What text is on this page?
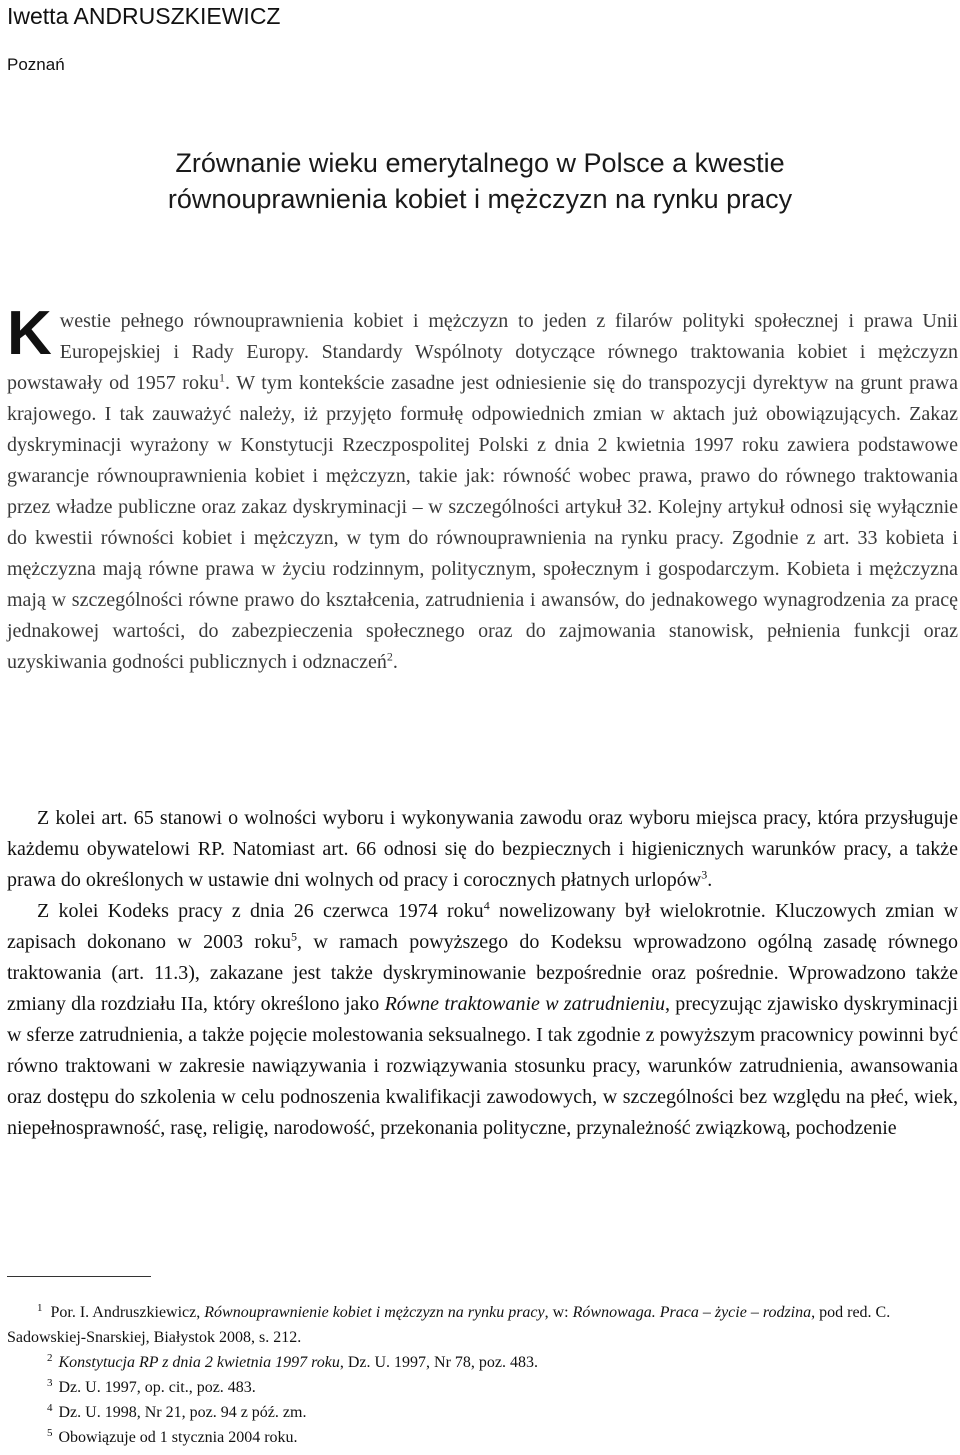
Iwetta ANDRUSZKIEWICZ
Poznań
Zrównanie wieku emerytalnego w Polsce a kwestie
równouprawnienia kobiet i mężczyzn na rynku pracy
Kwestie pełnego równouprawnienia kobiet i mężczyzn to jeden z filarów polityki społecznej i prawa Unii Europejskiej i Rady Europy. Standardy Wspólnoty dotyczące równego traktowania kobiet i mężczyzn powstawały od 1957 roku$^1$. W tym kontekście zasadne jest odniesienie się do transpozycji dyrektyw na grunt prawa krajowego. I tak zauważyć należy, iż przyjęto formułę odpowiednich zmian w aktach już obowiązujących. Zakaz dyskryminacji wyrażony w Konstytucji Rzeczpospolitej Polski z dnia 2 kwietnia 1997 roku zawiera podstawowe gwarancje równouprawnienia kobiet i mężczyzn, takie jak: równość wobec prawa, prawo do równego traktowania przez władze publiczne oraz zakaz dyskryminacji – w szczególności artykuł 32. Kolejny artykuł odnosi się wyłącznie do kwestii równości kobiet i mężczyzn, w tym do równouprawnienia na rynku pracy. Zgodnie z art. 33 kobieta i mężczyzna mają równe prawa w życiu rodzinnym, politycznym, społecznym i gospodarczym. Kobieta i mężczyzna mają w szczególności równe prawo do kształcenia, zatrudnienia i awansów, do jednakowego wynagrodzenia za pracę jednakowej wartości, do zabezpieczenia społecznego oraz do zajmowania stanowisk, pełnienia funkcji oraz uzyskiwania godności publicznych i odznaczeń$^2$.

Z kolei art. 65 stanowi o wolności wyboru i wykonywania zawodu oraz wyboru miejsca pracy, która przysługuje każdemu obywatelowi RP. Natomiast art. 66 odnosi się do bezpiecznych i higienicznych warunków pracy, a także prawa do określonych w ustawie dni wolnych od pracy i corocznych płatnych urlopów$^3$.

Z kolei Kodeks pracy z dnia 26 czerwca 1974 roku$^4$ nowelizowany był wielokrotnie. Kluczowych zmian w zapisach dokonano w 2003 roku$^5$, w ramach powyższego do Kodeksu wprowadzono ogólną zasadę równego traktowania (art. 11.3), zakazane jest także dyskryminowanie bezpośrednie oraz pośrednie. Wprowadzono także zmiany dla rozdziału IIa, który określono jako Równe traktowanie w zatrudnieniu, precyzując zjawisko dyskryminacji w sferze zatrudnienia, a także pojęcie molestowania seksualnego. I tak zgodnie z powyższym pracownicy powinni być równo traktowani w zakresie nawiązywania i rozwiązywania stosunku pracy, warunków zatrudnienia, awansowania oraz dostępu do szkolenia w celu podnoszenia kwalifikacji zawodowych, w szczególności bez względu na płeć, wiek, niepełnosprawność, rasę, religię, narodowość, przekonania polityczne, przynależność związkową, pochodzenie

$^1$ Por. I. Andruszkiewicz, Równouprawnienie kobiet i mężczyzn na rynku pracy, w: Równowaga. Praca – życie – rodzina, pod red. C. Sadowskiej-Snarskiej, Białystok 2008, s. 212.

$^2$ Konstytucja RP z dnia 2 kwietnia 1997 roku, Dz. U. 1997, Nr 78, poz. 483.

$^3$ Dz. U. 1997, op. cit., poz. 483.

$^4$ Dz. U. 1998, Nr 21, poz. 94 z póź. zm.

$^5$ Obowiązuje od 1 stycznia 2004 roku.
